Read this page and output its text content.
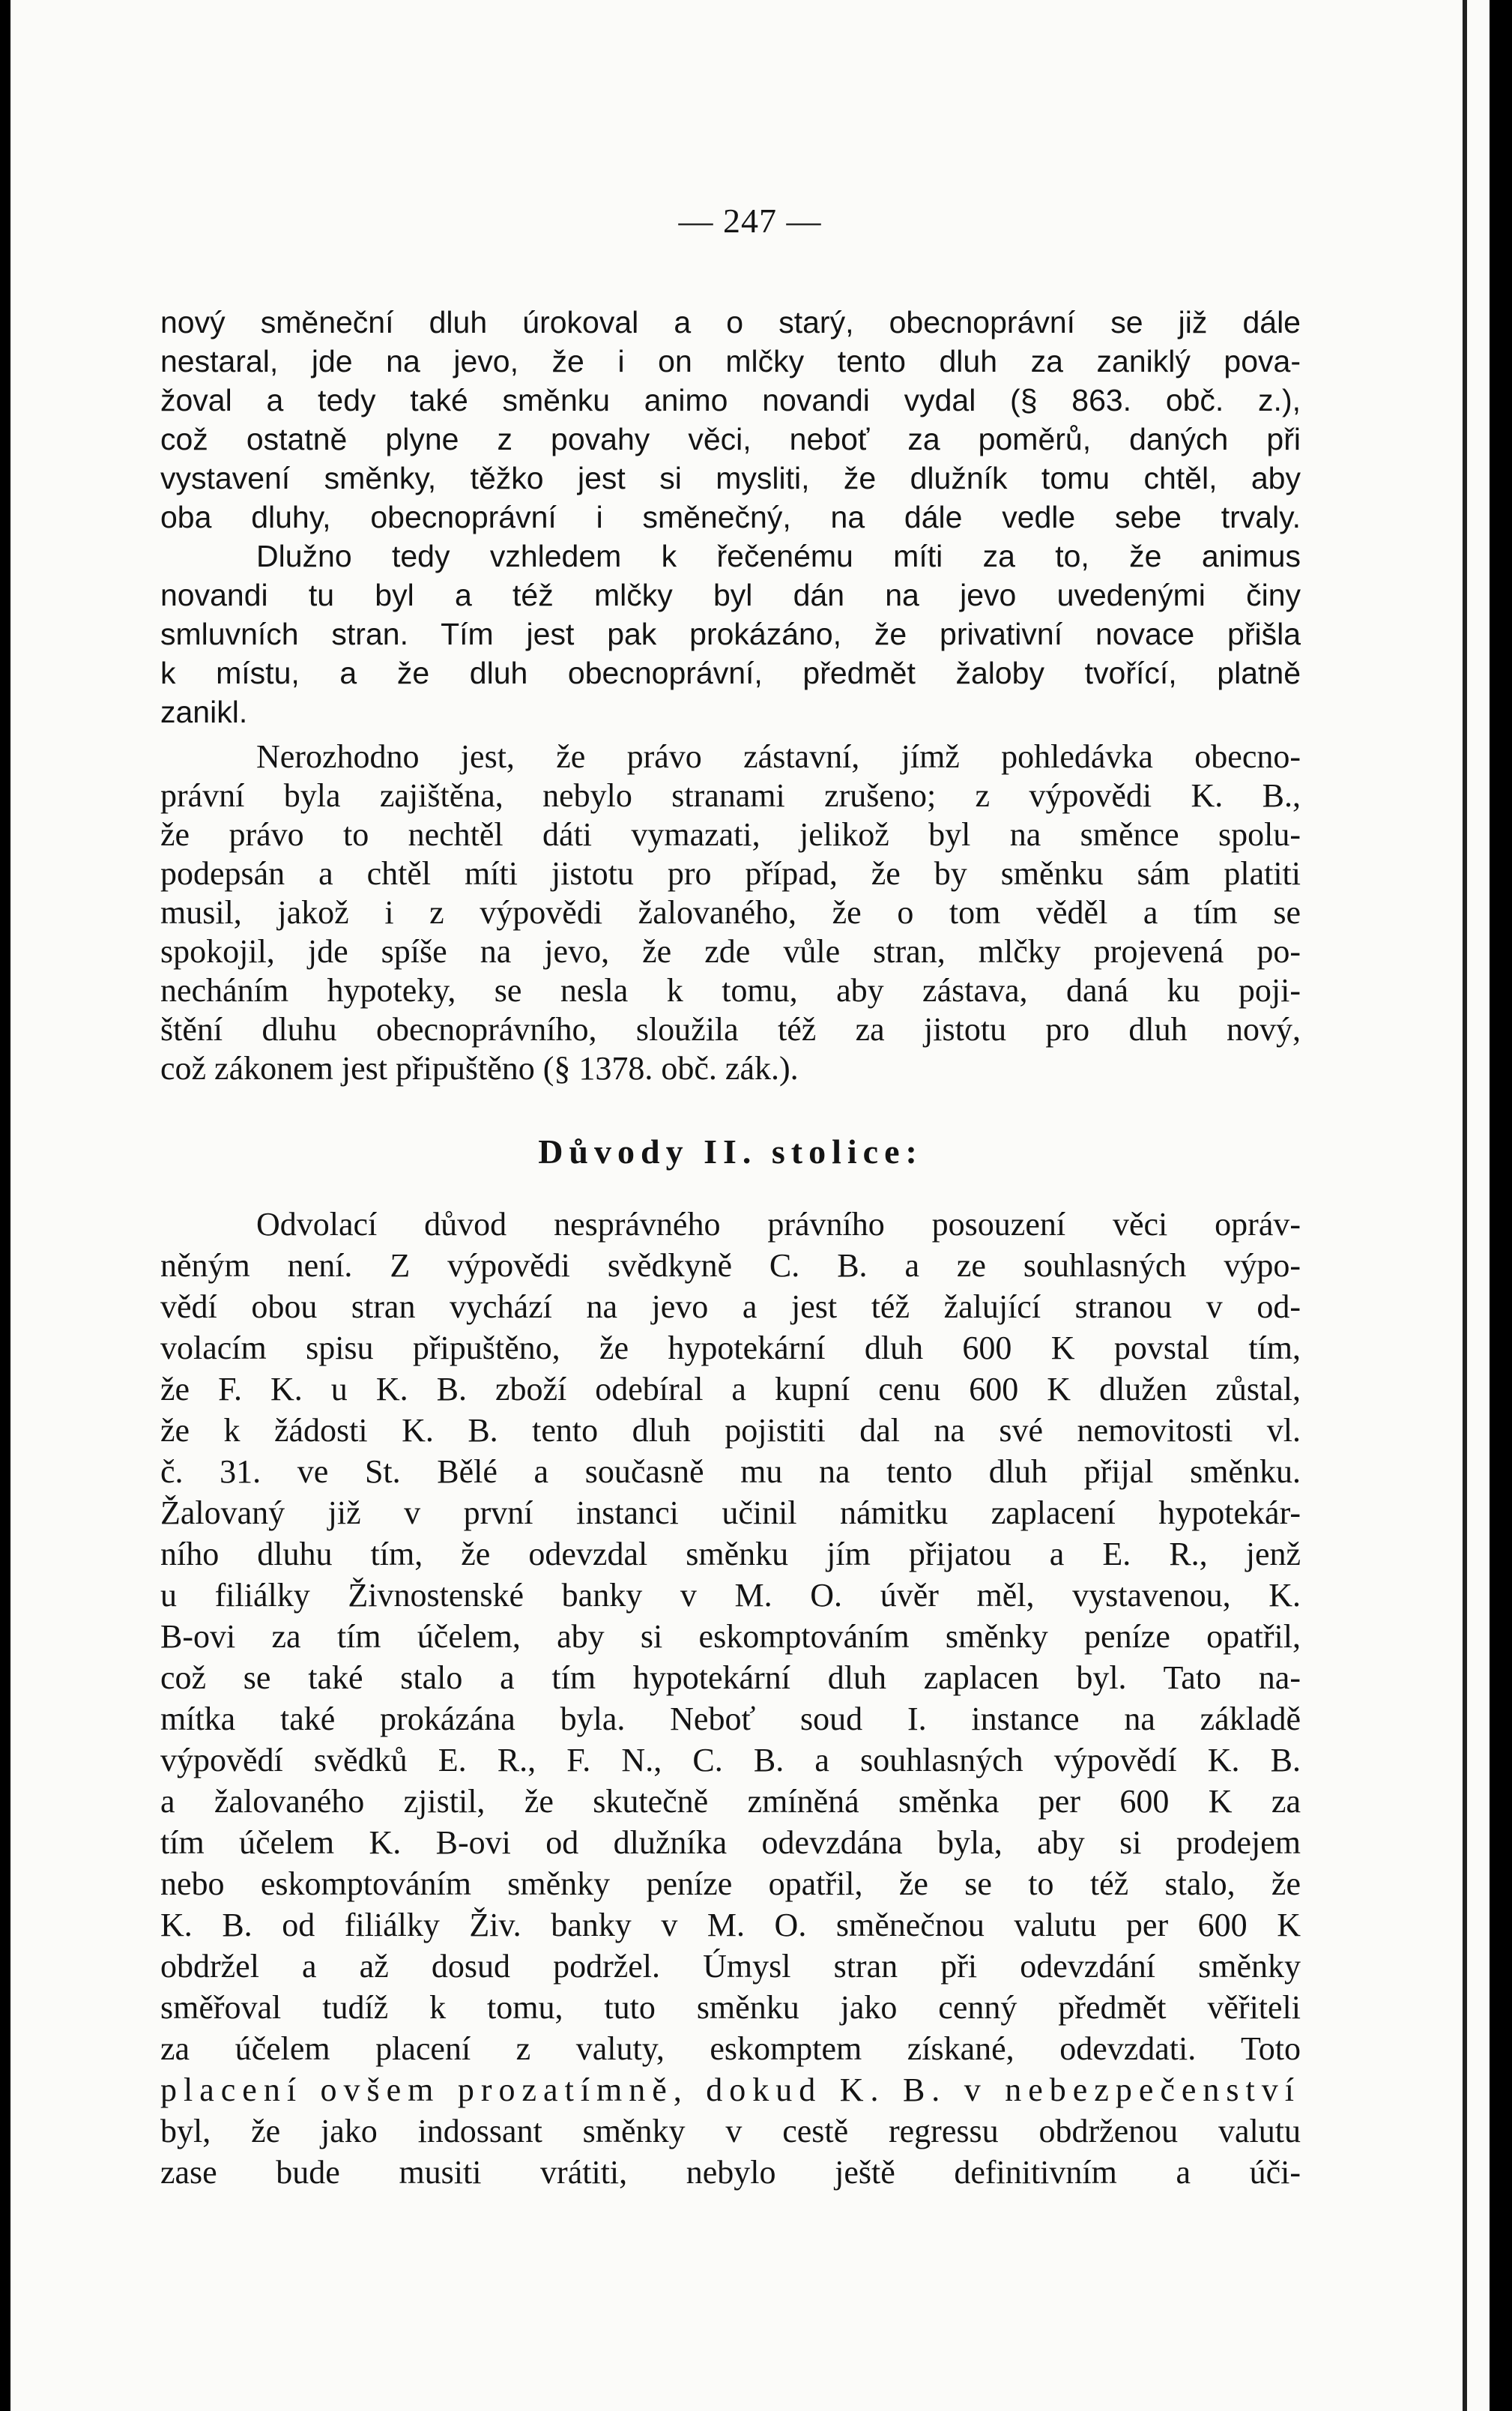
— 247 —
nový směneční dluh úrokoval a o starý, obecnoprávní se již dále
nestaral, jde na jevo, že i on mlčky tento dluh za zaniklý pova-
žoval a tedy také směnku animo novandi vydal (§ 863. obč. z.),
což ostatně plyne z povahy věci, neboť za poměrů, daných při
vystavení směnky, těžko jest si mysliti, že dlužník tomu chtěl, aby
oba dluhy, obecnoprávní i směnečný, na dále vedle sebe trvaly.
Dlužno tedy vzhledem k řečenému míti za to, že animus
novandi tu byl a též mlčky byl dán na jevo uvedenými činy
smluvních stran. Tím jest pak prokázáno, že privativní novace přišla
k místu, a že dluh obecnoprávní, předmět žaloby tvořící, platně
zanikl.
Nerozhodno jest, že právo zástavní, jímž pohledávka obecno-
právní byla zajištěna, nebylo stranami zrušeno; z výpovědi K. B.,
že právo to nechtěl dáti vymazati, jelikož byl na směnce spolu-
podepsán a chtěl míti jistotu pro případ, že by směnku sám platiti
musil, jakož i z výpovědi žalovaného, že o tom věděl a tím se
spokojil, jde spíše na jevo, že zde vůle stran, mlčky projevená po-
necháním hypoteky, se nesla k tomu, aby zástava, daná ku poji-
štění dluhu obecnoprávního, sloužila též za jistotu pro dluh nový,
což zákonem jest připuštěno (§ 1378. obč. zák.).
Důvody II. stolice:
Odvolací důvod nesprávného právního posouzení věci opráv-
něným není. Z výpovědi svědkyně C. B. a ze souhlasných výpo-
vědí obou stran vychází na jevo a jest též žalující stranou v od-
volacím spisu připuštěno, že hypotekární dluh 600 K povstal tím,
že F. K. u K. B. zboží odebíral a kupní cenu 600 K dlužen zůstal,
že k žádosti K. B. tento dluh pojistiti dal na své nemovitosti vl.
č. 31. ve St. Bělé a současně mu na tento dluh přijal směnku.
Žalovaný již v první instanci učinil námitku zaplacení hypotekár-
ního dluhu tím, že odevzdal směnku jím přijatou a E. R., jenž
u filiálky Živnostenské banky v M. O. úvěr měl, vystavenou, K.
B-ovi za tím účelem, aby si eskomptováním směnky peníze opatřil,
což se také stalo a tím hypotekární dluh zaplacen byl. Tato na-
mítka také prokázána byla. Neboť soud I. instance na základě
výpovědí svědků E. R., F. N., C. B. a souhlasných výpovědí K. B.
a žalovaného zjistil, že skutečně zmíněná směnka per 600 K za
tím účelem K. B-ovi od dlužníka odevzdána byla, aby si prodejem
nebo eskomptováním směnky peníze opatřil, že se to též stalo, že
K. B. od filiálky Živ. banky v M. O. směnečnou valutu per 600 K
obdržel a až dosud podržel. Úmysl stran při odevzdání směnky
směřoval tudíž k tomu, tuto směnku jako cenný předmět věřiteli
za účelem placení z valuty, eskomptem získané, odevzdati. Toto
placení ovšem prozatímně, dokud K. B. v nebezpečenství
byl, že jako indossant směnky v cestě regressu obdrženou valutu
zase bude musiti vrátiti, nebylo ještě definitivním a úči-
